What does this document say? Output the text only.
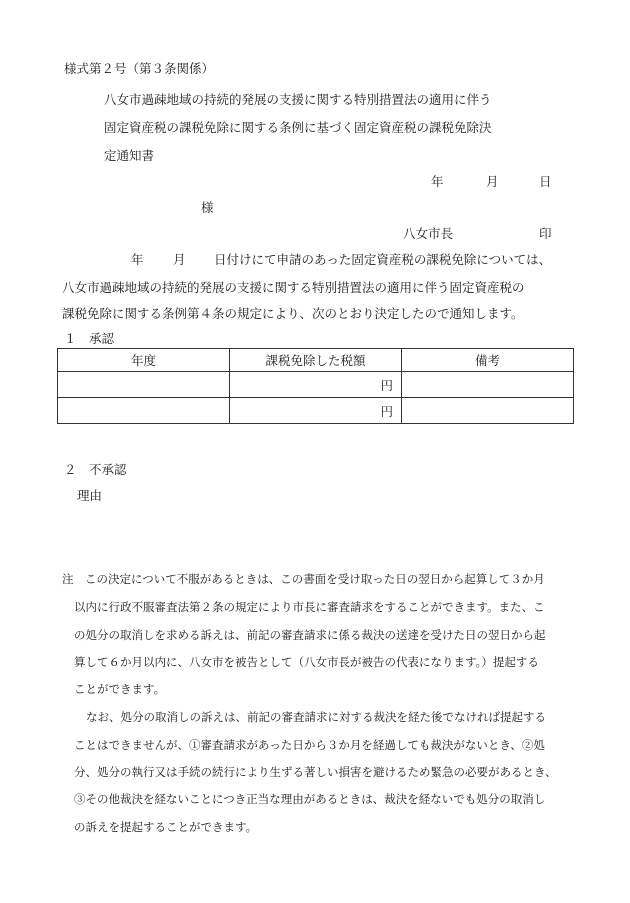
様式第２号（第３条関係）
八女市過疎地域の持続的発展の支援に関する特別措置法の適用に伴う
固定資産税の課税免除に関する条例に基づく固定資産税の課税免除決
定通知書
年	月	日
様
八女市長	印
年 月 日付けにて申請のあった固定資産税の課税免除については、
八女市過疎地域の持続的発展の支援に関する特別措置法の適用に伴う固定資産税の
課税免除に関する条例第４条の規定により、次のとおり決定したので通知します。
１　承認
年度	課税免除した税額	備考
	円	
	円	
２　不承認
理由
注　この決定について不服があるときは、この書面を受け取った日の翌日から起算して３か月
以内に行政不服審査法第２条の規定により市長に審査請求をすることができます。また、こ
の処分の取消しを求める訴えは、前記の審査請求に係る裁決の送達を受けた日の翌日から起
算して６か月以内に、八女市を被告として（八女市長が被告の代表になります。）提起する
ことができます。
なお、処分の取消しの訴えは、前記の審査請求に対する裁決を経た後でなければ提起する
ことはできませんが、①審査請求があった日から３か月を経過しても裁決がないとき、②処
分、処分の執行又は手続の続行により生ずる著しい損害を避けるため緊急の必要があるとき、
③その他裁決を経ないことにつき正当な理由があるときは、裁決を経ないでも処分の取消し
の訴えを提起することができます。
